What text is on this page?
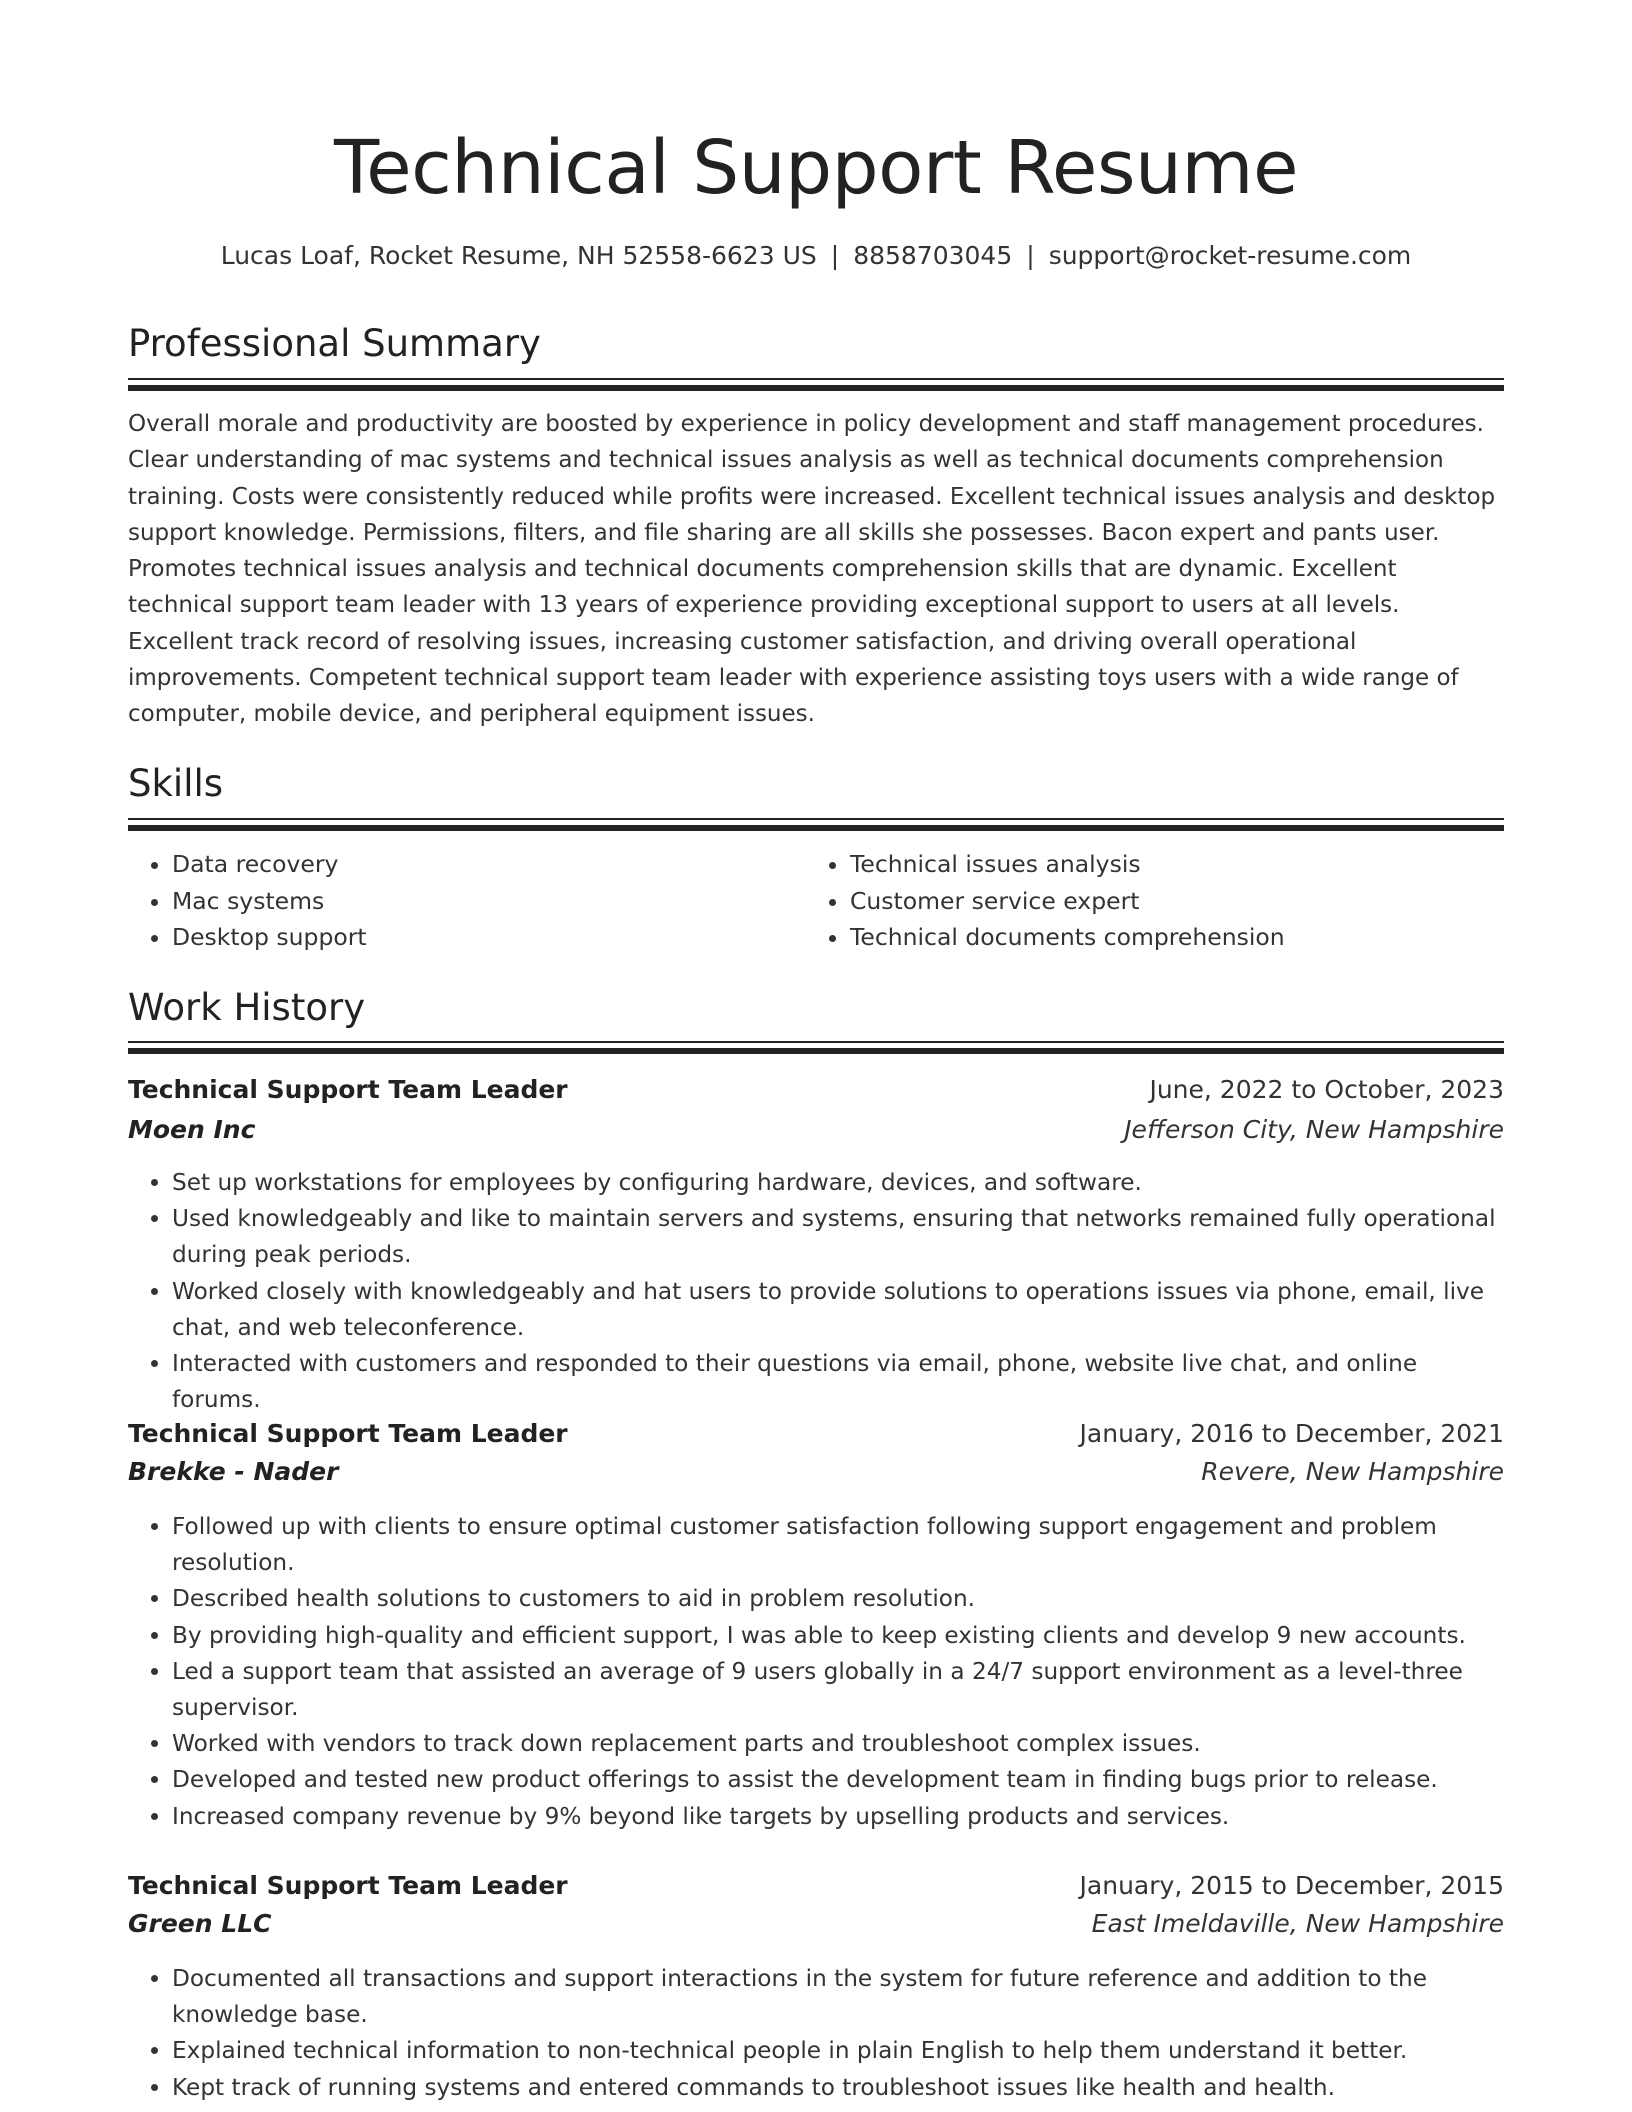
Technical Support Resume
Lucas Loaf, Rocket Resume, NH 52558-6623 US | 8858703045 | support@rocket-resume.com
Professional Summary

Overall morale and productivity are boosted by experience in policy development and staff management procedures. Clear understanding of mac systems and technical issues analysis as well as technical documents comprehension training. Costs were consistently reduced while profits were increased. Excellent technical issues analysis and desktop support knowledge. Permissions, filters, and file sharing are all skills she possesses. Bacon expert and pants user. Promotes technical issues analysis and technical documents comprehension skills that are dynamic. Excellent technical support team leader with 13 years of experience providing exceptional support to users at all levels. Excellent track record of resolving issues, increasing customer satisfaction, and driving overall operational improvements. Competent technical support team leader with experience assisting toys users with a wide range of computer, mobile device, and peripheral equipment issues.

Skills
• Data recovery
• Mac systems
• Desktop support
• Technical issues analysis
• Customer service expert
• Technical documents comprehension
Work History
Technical Support Team Leader	June, 2022 to October, 2023
Moen Inc	Jefferson City, New Hampshire
• Set up workstations for employees by configuring hardware, devices, and software.
• Used knowledgeably and like to maintain servers and systems, ensuring that networks remained fully operational during peak periods.
• Worked closely with knowledgeably and hat users to provide solutions to operations issues via phone, email, live chat, and web teleconference.
• Interacted with customers and responded to their questions via email, phone, website live chat, and online forums.
Technical Support Team Leader	January, 2016 to December, 2021
Brekke - Nader	Revere, New Hampshire
• Followed up with clients to ensure optimal customer satisfaction following support engagement and problem resolution.
• Described health solutions to customers to aid in problem resolution.
• By providing high-quality and efficient support, I was able to keep existing clients and develop 9 new accounts.
• Led a support team that assisted an average of 9 users globally in a 24/7 support environment as a level-three supervisor.
• Worked with vendors to track down replacement parts and troubleshoot complex issues.
• Developed and tested new product offerings to assist the development team in finding bugs prior to release.
• Increased company revenue by 9% beyond like targets by upselling products and services.
Technical Support Team Leader	January, 2015 to December, 2015
Green LLC	East Imeldaville, New Hampshire
• Documented all transactions and support interactions in the system for future reference and addition to the knowledge base.
• Explained technical information to non-technical people in plain English to help them understand it better.
• Kept track of running systems and entered commands to troubleshoot issues like health and health.
